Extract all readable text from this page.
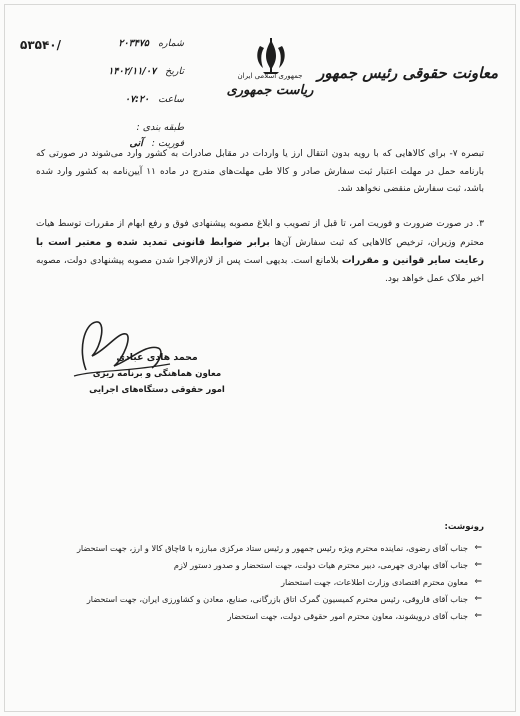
معاونت حقوقی رئیس جمهور
جمهوری اسلامی ایران
ریاست جمهوری
۵۳۵۴۰/	شماره ۲۰۳۴۷۵
تاریخ ۱۴۰۲/۱۱/۰۷
ساعت ۰۷:۲۰
طبقه بندی :
فوریت : آنی

تبصره ۷- برای کالاهایی که با رویه بدون انتقال ارز یا واردات در مقابل صادرات به کشور وارد می‌شوند در صورتی که بارنامه حمل در مهلت اعتبار ثبت سفارش صادر و کالا طی مهلت‌های مندرج در ماده ۱۱ آیین‌نامه به کشور وارد شده باشد، ثبت سفارش منقضی نخواهد شد.

۳. در صورت ضرورت و فوریت امر، تا قبل از تصویب و ابلاغ مصوبه پیشنهادی فوق و رفع ابهام از مقررات توسط هیات محترم وزیران، ترخیص کالاهایی که ثبت سفارش آن‌ها برابر ضوابط قانونی تمدید شده و معتبر است با رعایت سایر قوانین و مقررات بلامانع است. بدیهی است پس از لازم‌الاجرا شدن مصوبه پیشنهادی دولت، مصوبه اخیر ملاک عمل خواهد بود.

محمد هادی عبادی
معاون هماهنگی و برنامه ریزی
امور حقوقی دستگاه‌های اجرایی
رونوشت:
⇐
جناب آقای رضوی، نماینده محترم ویژه رئیس جمهور و رئیس ستاد مرکزی مبارزه با قاچاق کالا و ارز، جهت استحضار
⇐
جناب آقای بهادری جهرمی، دبیر محترم هیات دولت، جهت استحضار و صدور دستور لازم
⇐
معاون محترم اقتصادی وزارت اطلاعات، جهت استحضار
⇐
جناب آقای فاروقی، رئیس محترم کمیسیون گمرک اتاق بازرگانی، صنایع، معادن و کشاورزی ایران، جهت استحضار
⇐
جناب آقای درویشوند، معاون محترم امور حقوقی دولت، جهت استحضار
